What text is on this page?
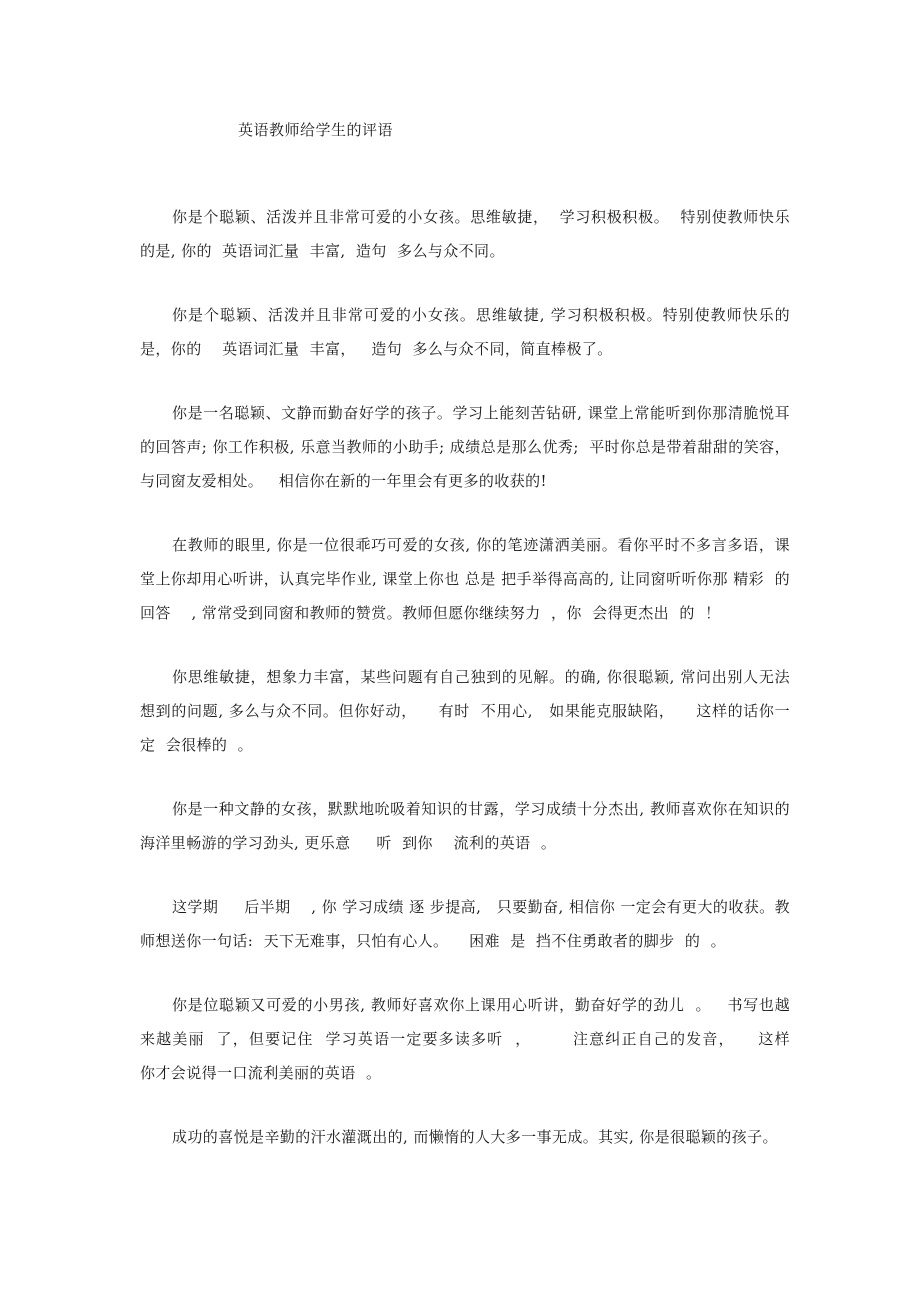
英语教师给学生的评语

你是个聪颖、活泼并且非常可爱的小女孩。思维敏捷，  学习积极积极。  特别使教师快乐的是, 你的  英语词汇量  丰富,  造句  多么与众不同。

你是个聪颖、活泼并且非常可爱的小女孩。思维敏捷, 学习积极积极。特别使教师快乐的是，你的    英语词汇量  丰富，   造句  多么与众不同，简直棒极了。

你是一名聪颖、文静而勤奋好学的孩子。学习上能刻苦钻研, 课堂上常能听到你那清脆悦耳的回答声; 你工作积极, 乐意当教师的小助手; 成绩总是那么优秀;  平时你总是带着甜甜的笑容，与同窗友爱相处。   相信你在新的一年里会有更多的收获的!

在教师的眼里, 你是一位很乖巧可爱的女孩, 你的笔迹潇洒美丽。看你平时不多言多语，课堂上你却用心听讲，认真完毕作业, 课堂上你也 总是 把手举得高高的, 让同窗听听你那 精彩  的    回答    , 常常受到同窗和教师的赞赏。教师但愿你继续努力  ，你  会得更杰出  的  ！

你思维敏捷，想象力丰富，某些问题有自己独到的见解。的确, 你很聪颖, 常问出别人无法想到的问题, 多么与众不同。但你好动，    有时  不用心,   如果能克服缺陷，    这样的话你一定  会很棒的  。

你是一种文静的女孩，默默地吮吸着知识的甘露，学习成绩十分杰出, 教师喜欢你在知识的海洋里畅游的学习劲头, 更乐意     听  到你    流利的英语  。

这学期     后半期    , 你 学习成绩 逐 步提高,   只要勤奋, 相信你 一定会有更大的收获。教师想送你一句话:  天下无难事，只怕有心人。    困难  是  挡不住勇敢者的脚步  的  。

你是位聪颖又可爱的小男孩, 教师好喜欢你上课用心听讲，勤奋好学的劲儿  。   书写也越来越美丽  了，但要记住  学习英语一定要多读多听  ，       注意纠正自己的发音，    这样     你才会说得一口流利美丽的英语  。

成功的喜悦是辛勤的汗水灌溉出的, 而懒惰的人大多一事无成。其实, 你是很聪颖的孩子。
